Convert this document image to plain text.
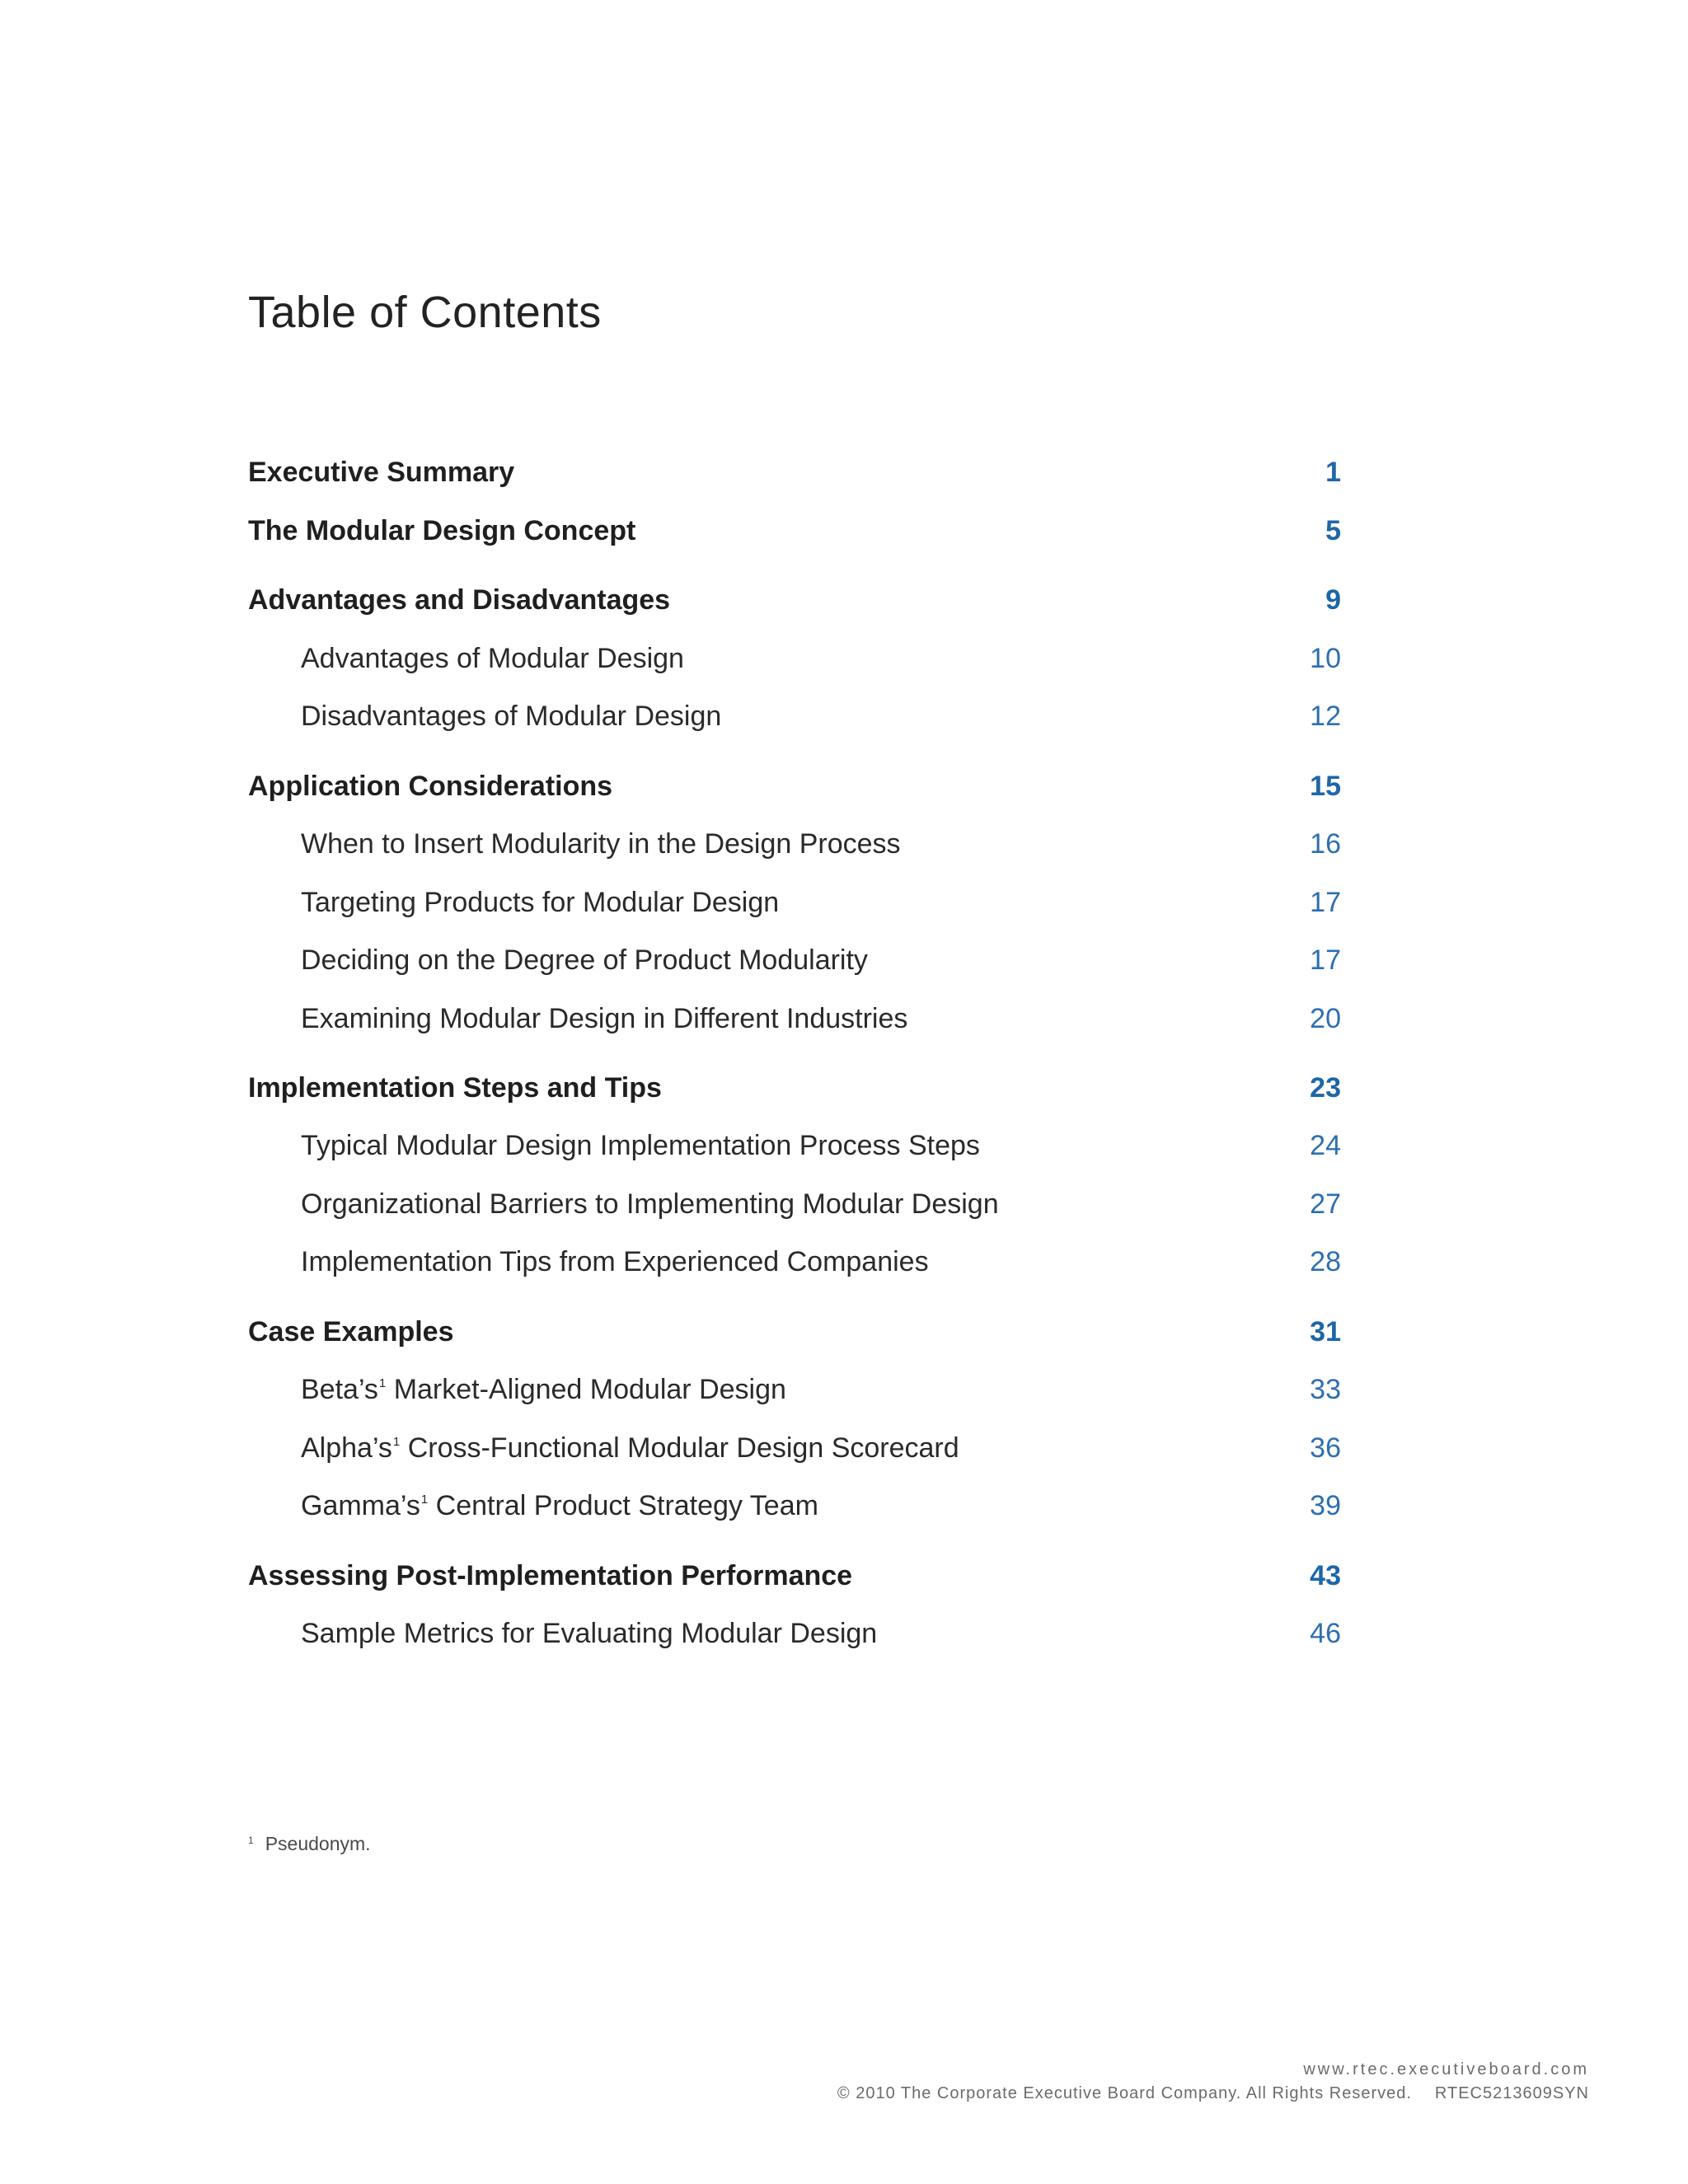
Table of Contents
Executive Summary	1
The Modular Design Concept	5
Advantages and Disadvantages	9
Advantages of Modular Design	10
Disadvantages of Modular Design	12
Application Considerations	15
When to Insert Modularity in the Design Process	16
Targeting Products for Modular Design	17
Deciding on the Degree of Product Modularity	17
Examining Modular Design in Different Industries	20
Implementation Steps and Tips	23
Typical Modular Design Implementation Process Steps	24
Organizational Barriers to Implementing Modular Design	27
Implementation Tips from Experienced Companies	28
Case Examples	31
Beta’s$^1$ Market-Aligned Modular Design	33
Alpha’s$^1$ Cross-Functional Modular Design Scorecard	36
Gamma’s$^1$ Central Product Strategy Team	39
Assessing Post-Implementation Performance	43
Sample Metrics for Evaluating Modular Design	46
$^1$ Pseudonym.
www.rtec.executiveboard.com
© 2010 The Corporate Executive Board Company. All Rights Reserved. RTEC5213609SYN
